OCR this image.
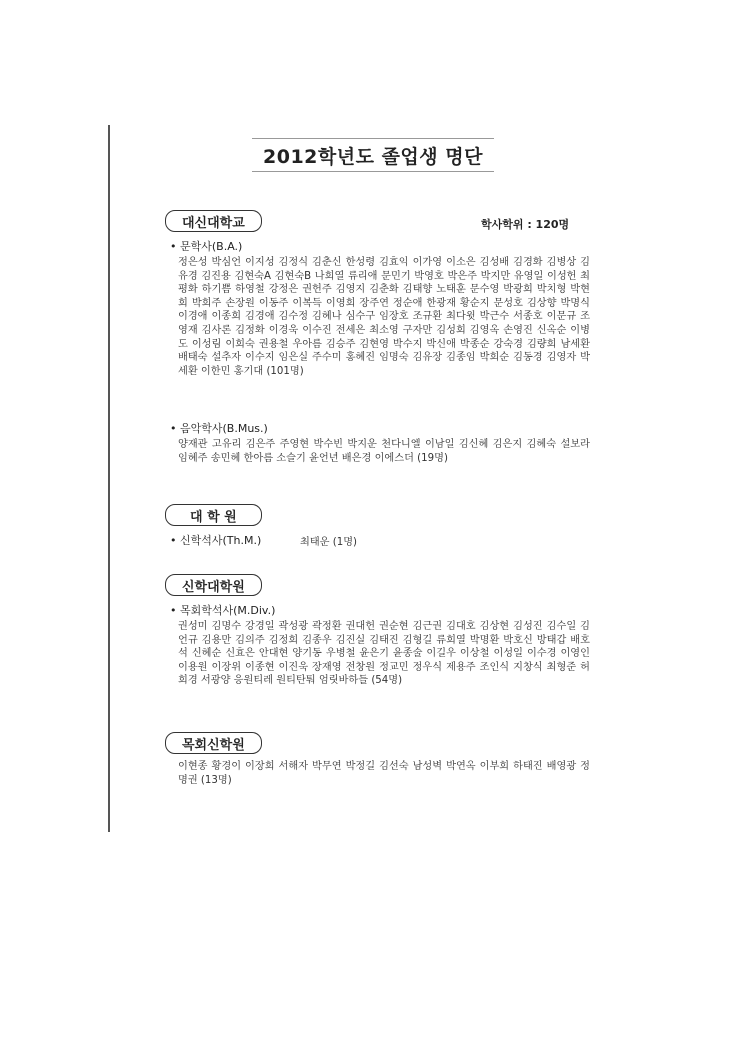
2012학년도 졸업생 명단
대신대학교	학사학위 : 120명
• 문학사(B.A.)
정은성 박심언 이지성 김정식 김춘신 한성령 김효익 이가영 이소은 김성배 김경화 김병상 김유경 김진용 김현숙A 김현숙B 나희열 류리애 문민기 박영호 박은주 박지만 유영일 이성헌 최평화 하기쁨 하영철 강정은 권헌주 김영지 김춘화 김태향 노태훈 문수영 박광희 박치형 박현희 박희주 손장원 이동주 이복득 이영희 장주연 정순애 한광재 황순지 문성호 김상향 박명식 이경애 이종희 김경애 김수정 김혜나 심수구 임장호 조규환 최다윗 박근수 서종호 이문규 조영재 김사론 김정화 이경욱 이수진 전세은 최소영 구자만 김성희 김영옥 손영진 신옥순 이병도 이성림 이희숙 권용철 우아름 김승주 김현영 박수지 박신애 박종순 강숙경 김량희 남세환 배태숙 설추자 이수지 임은실 주수미 홍혜진 임명숙 김유장 김종임 박희순 김동경 김영자 박세환 이한민 홍기대 (101명)
• 음악학사(B.Mus.)
양재관 고유리 김은주 주영현 박수빈 박지운 천다니엘 이남일 김신혜 김은지 김혜숙 설보라 임혜주 송민혜 한아름 소슬기 윤언년 배은경 이에스더 (19명)
대 학 원
• 신학석사(Th.M.)	최태운 (1명)
신학대학원
• 목회학석사(M.Div.)
권성미 김명수 강경일 곽성광 곽정환 권대헌 권순현 김근권 김대호 김상현 김성진 김수일 김언규 김용만 김의주 김정희 김종우 김진실 김태진 김형길 류희열 박명환 박호신 방태갑 배호석 신혜순 신효은 안대현 양기동 우병철 윤은기 윤종술 이길우 이상철 이성일 이수경 이영인 이용원 이장위 이종현 이진욱 장재영 전창원 정교민 정우식 제용주 조인식 지창식 최형준 허희경 서광양 응원티레 원티탄퉈 엄릿바하들 (54명)
목회신학원
이현종 황경이 이장희 서해자 박무연 박정길 김선숙 남성벽 박연옥 이부희 하태진 배영광 정명권 (13명)
